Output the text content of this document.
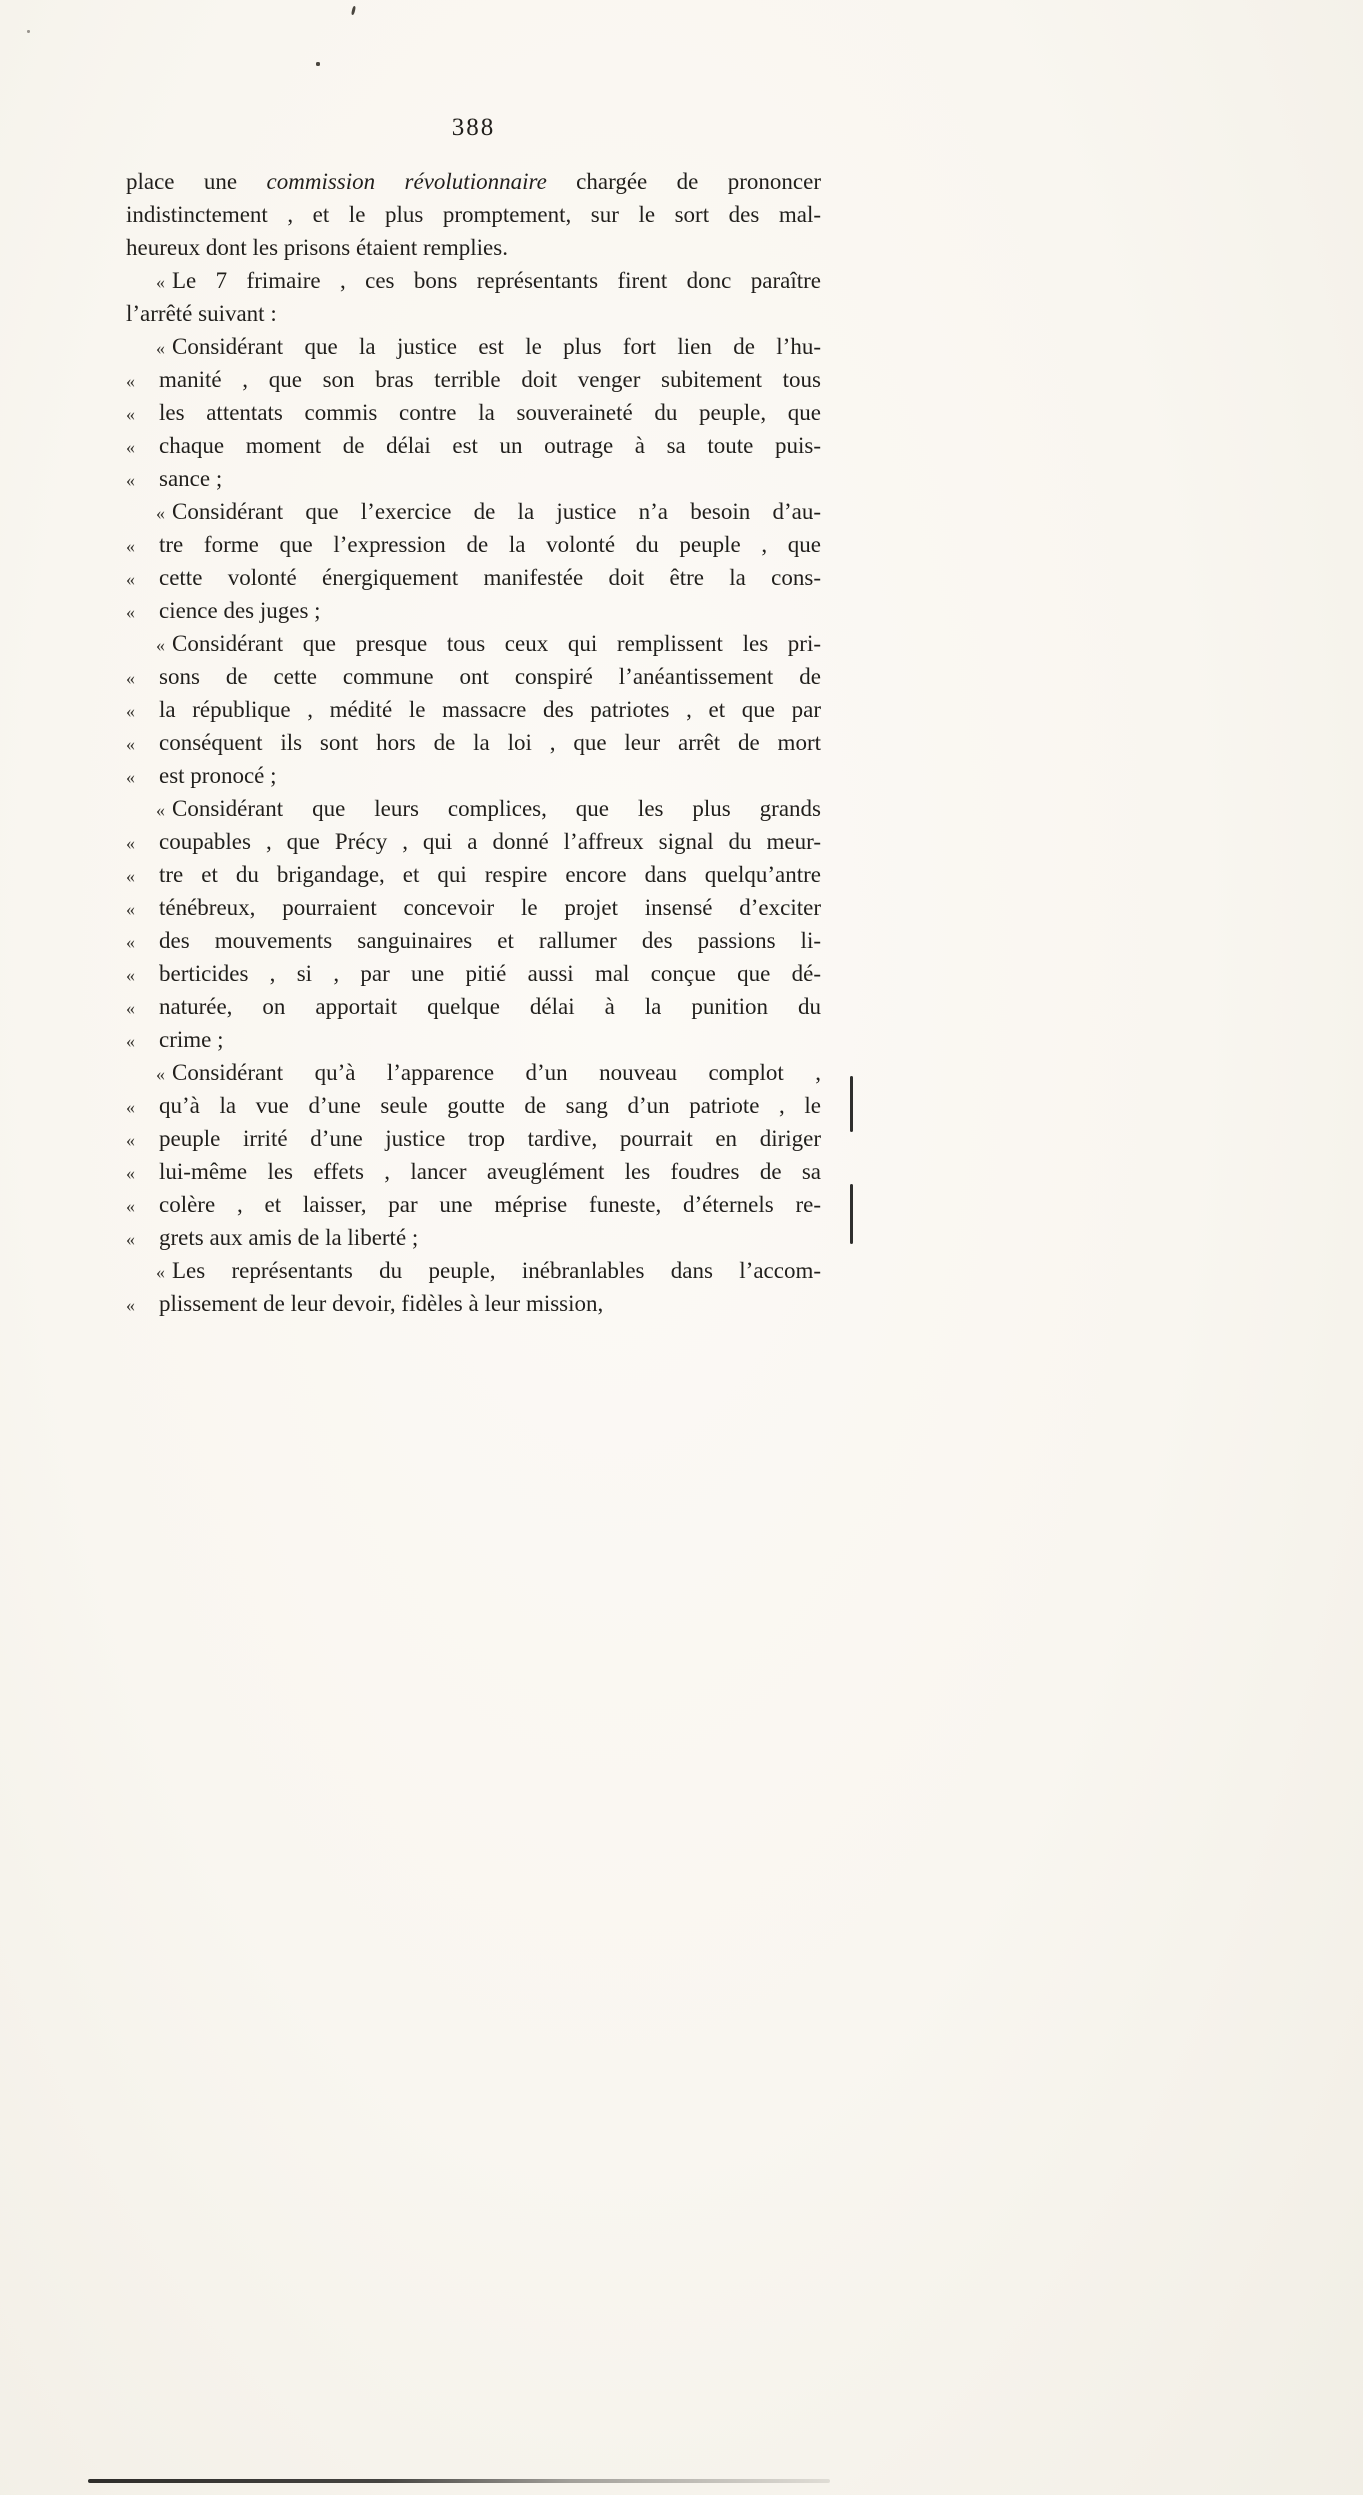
388
place une commission révolutionnaire chargée de prononcer
indistinctement , et le plus promptement, sur le sort des mal-
heureux dont les prisons étaient remplies.
« Le 7 frimaire , ces bons représentants firent donc paraître
l’arrêté suivant :
« Considérant que la justice est le plus fort lien de l’hu-
« manité , que son bras terrible doit venger subitement tous
« les attentats commis contre la souveraineté du peuple, que
« chaque moment de délai est un outrage à sa toute puis-
« sance ;
« Considérant que l’exercice de la justice n’a besoin d’au-
« tre forme que l’expression de la volonté du peuple , que
« cette volonté énergiquement manifestée doit être la cons-
« cience des juges ;
« Considérant que presque tous ceux qui remplissent les pri-
« sons de cette commune ont conspiré l’anéantissement de
« la république , médité le massacre des patriotes , et que par
« conséquent ils sont hors de la loi , que leur arrêt de mort
« est pronocé ;
« Considérant que leurs complices, que les plus grands
« coupables , que Précy , qui a donné l’affreux signal du meur-
« tre et du brigandage, et qui respire encore dans quelqu’antre
« ténébreux, pourraient concevoir le projet insensé d’exciter
« des mouvements sanguinaires et rallumer des passions li-
« berticides , si , par une pitié aussi mal conçue que dé-
« naturée, on apportait quelque délai à la punition du
« crime ;
« Considérant qu’à l’apparence d’un nouveau complot ,
« qu’à la vue d’une seule goutte de sang d’un patriote , le
« peuple irrité d’une justice trop tardive, pourrait en diriger
« lui-même les effets , lancer aveuglément les foudres de sa
« colère , et laisser, par une méprise funeste, d’éternels re-
« grets aux amis de la liberté ;
« Les représentants du peuple, inébranlables dans l’accom-
« plissement de leur devoir, fidèles à leur mission,
